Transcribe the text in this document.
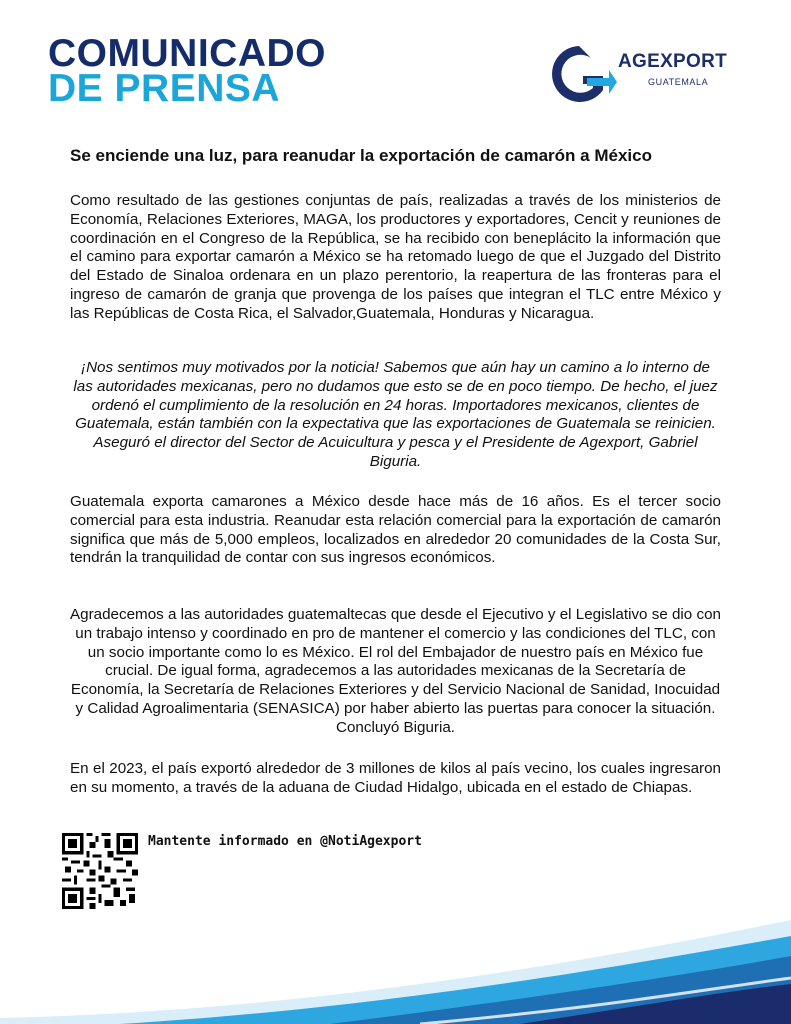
COMUNICADO
DE PRENSA
AGEXPORT
GUATEMALA
Se enciende una luz, para reanudar la exportación de camarón a México

Como resultado de las gestiones conjuntas de país, realizadas a través de los ministerios de Economía, Relaciones Exteriores, MAGA, los productores y exportadores, Cencit y reuniones de coordinación en el Congreso de la República, se ha recibido con beneplácito la información que el camino para exportar camarón a México se ha retomado luego de que el Juzgado del Distrito del Estado de Sinaloa ordenara en un plazo perentorio, la reapertura de las fronteras para el ingreso de camarón de granja que provenga de los países que integran el TLC entre México y las Repúblicas de Costa Rica, el Salvador,Guatemala, Honduras y Nicaragua.

¡Nos sentimos muy motivados por la noticia! Sabemos que aún hay un camino a lo interno de las autoridades mexicanas, pero no dudamos que esto se de en poco tiempo. De hecho, el juez ordenó el cumplimiento de la resolución en 24 horas. Importadores mexicanos, clientes de Guatemala, están también con la expectativa que las exportaciones de Guatemala se reinicien. Aseguró el director del Sector de Acuicultura y pesca y el Presidente de Agexport, Gabriel Biguria.

Guatemala exporta camarones a México desde hace más de 16 años. Es el tercer socio comercial para esta industria. Reanudar esta relación comercial para la exportación de camarón significa que más de 5,000 empleos, localizados en alrededor 20 comunidades de la Costa Sur, tendrán la tranquilidad de contar con sus ingresos económicos.

Agradecemos a las autoridades guatemaltecas que desde el Ejecutivo y el Legislativo se dio con un trabajo intenso y coordinado en pro de mantener el comercio y las condiciones del TLC, con un socio importante como lo es México. El rol del Embajador de nuestro país en México fue crucial. De igual forma, agradecemos a las autoridades mexicanas de la Secretaría de Economía, la Secretaría de Relaciones Exteriores y del Servicio Nacional de Sanidad, Inocuidad y Calidad Agroalimentaria (SENASICA) por haber abierto las puertas para conocer la situación. Concluyó Biguria.

En el 2023, el país exportó alrededor de 3 millones de kilos al país vecino, los cuales ingresaron en su momento, a través de la aduana de Ciudad Hidalgo, ubicada en el estado de Chiapas.

Mantente informado en @NotiAgexport
